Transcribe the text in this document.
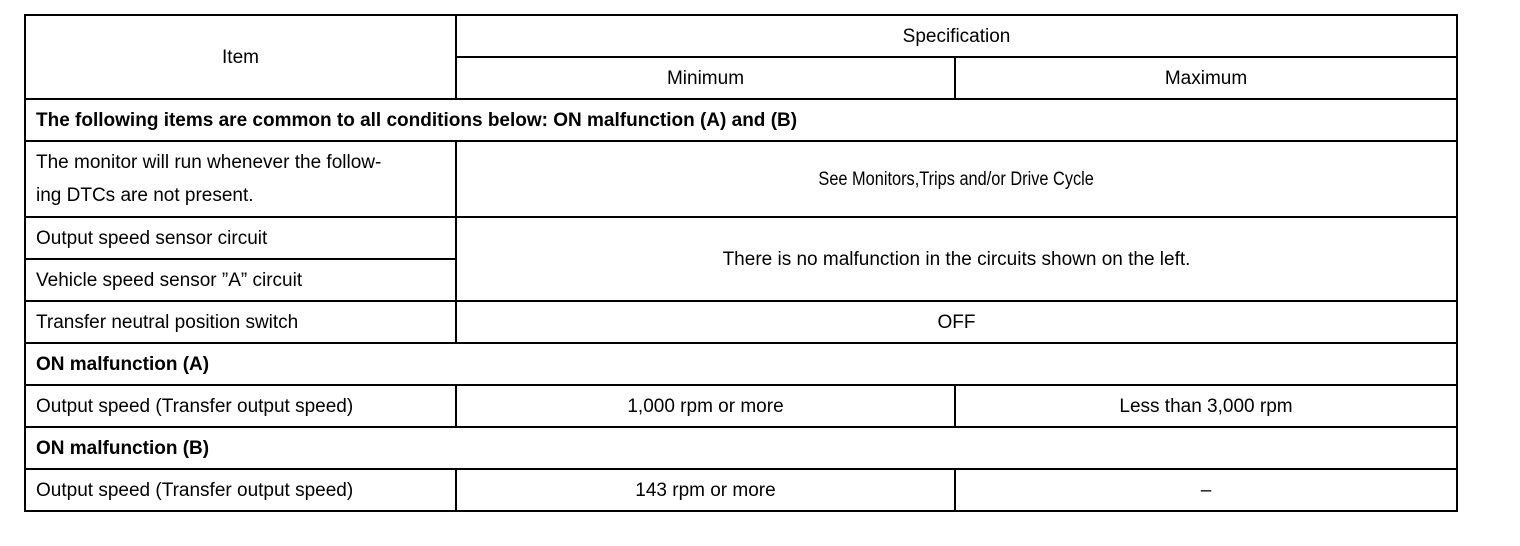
Item	Specification	
	Minimum	Maximum
The following items are common to all conditions below: ON malfunction (A) and (B)		
The monitor will run whenever the follow-
ing DTCs are not present.	See Monitors,Trips and/or Drive Cycle	
Output speed sensor circuit	There is no malfunction in the circuits shown on the left.	
Vehicle speed sensor ”A” circuit		
Transfer neutral position switch	OFF	
ON malfunction (A)		
Output speed (Transfer output speed)	1,000 rpm or more	Less than 3,000 rpm
ON malfunction (B)		
Output speed (Transfer output speed)	143 rpm or more	–
